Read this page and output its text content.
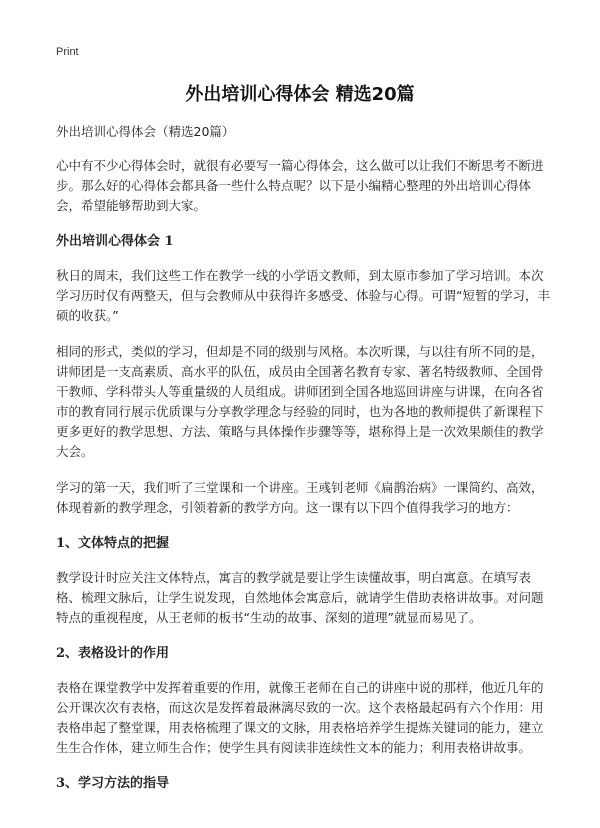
Print
外出培训心得体会 精选20篇

外出培训心得体会（精选20篇）

心中有不少心得体会时，就很有必要写一篇心得体会，这么做可以让我们不断思考不断进步。那么好的心得体会都具备一些什么特点呢？以下是小编精心整理的外出培训心得体会，希望能够帮助到大家。

外出培训心得体会 1

秋日的周末，我们这些工作在教学一线的小学语文教师，到太原市参加了学习培训。本次学习历时仅有两整天，但与会教师从中获得许多感受、体验与心得。可谓“短暂的学习，丰硕的收获。”

相同的形式，类似的学习，但却是不同的级别与风格。本次听课，与以往有所不同的是，讲师团是一支高素质、高水平的队伍，成员由全国著名教育专家、著名特级教师、全国骨干教师、学科带头人等重量级的人员组成。讲师团到全国各地巡回讲座与讲课，在向各省市的教育同行展示优质课与分享教学理念与经验的同时，也为各地的教师提供了新课程下更多更好的教学思想、方法、策略与具体操作步骤等等，堪称得上是一次效果颇佳的教学大会。

学习的第一天，我们听了三堂课和一个讲座。王彧钊老师《扁鹊治病》一课简约、高效，体现着新的教学理念，引领着新的教学方向。这一课有以下四个值得我学习的地方：

1、文体特点的把握

教学设计时应关注文体特点，寓言的教学就是要让学生读懂故事，明白寓意。在填写表格、梳理文脉后，让学生说发现，自然地体会寓意后，就请学生借助表格讲故事。对问题特点的重视程度，从王老师的板书“生动的故事、深刻的道理”就显而易见了。

2、表格设计的作用

表格在课堂教学中发挥着重要的作用，就像王老师在自己的讲座中说的那样，他近几年的公开课次次有表格，而这次是发挥着最淋漓尽致的一次。这个表格最起码有六个作用：用表格串起了整堂课，用表格梳理了课文的文脉，用表格培养学生提炼关键词的能力，建立生生合作体，建立师生合作；使学生具有阅读非连续性文本的能力；利用表格讲故事。

3、学习方法的指导
